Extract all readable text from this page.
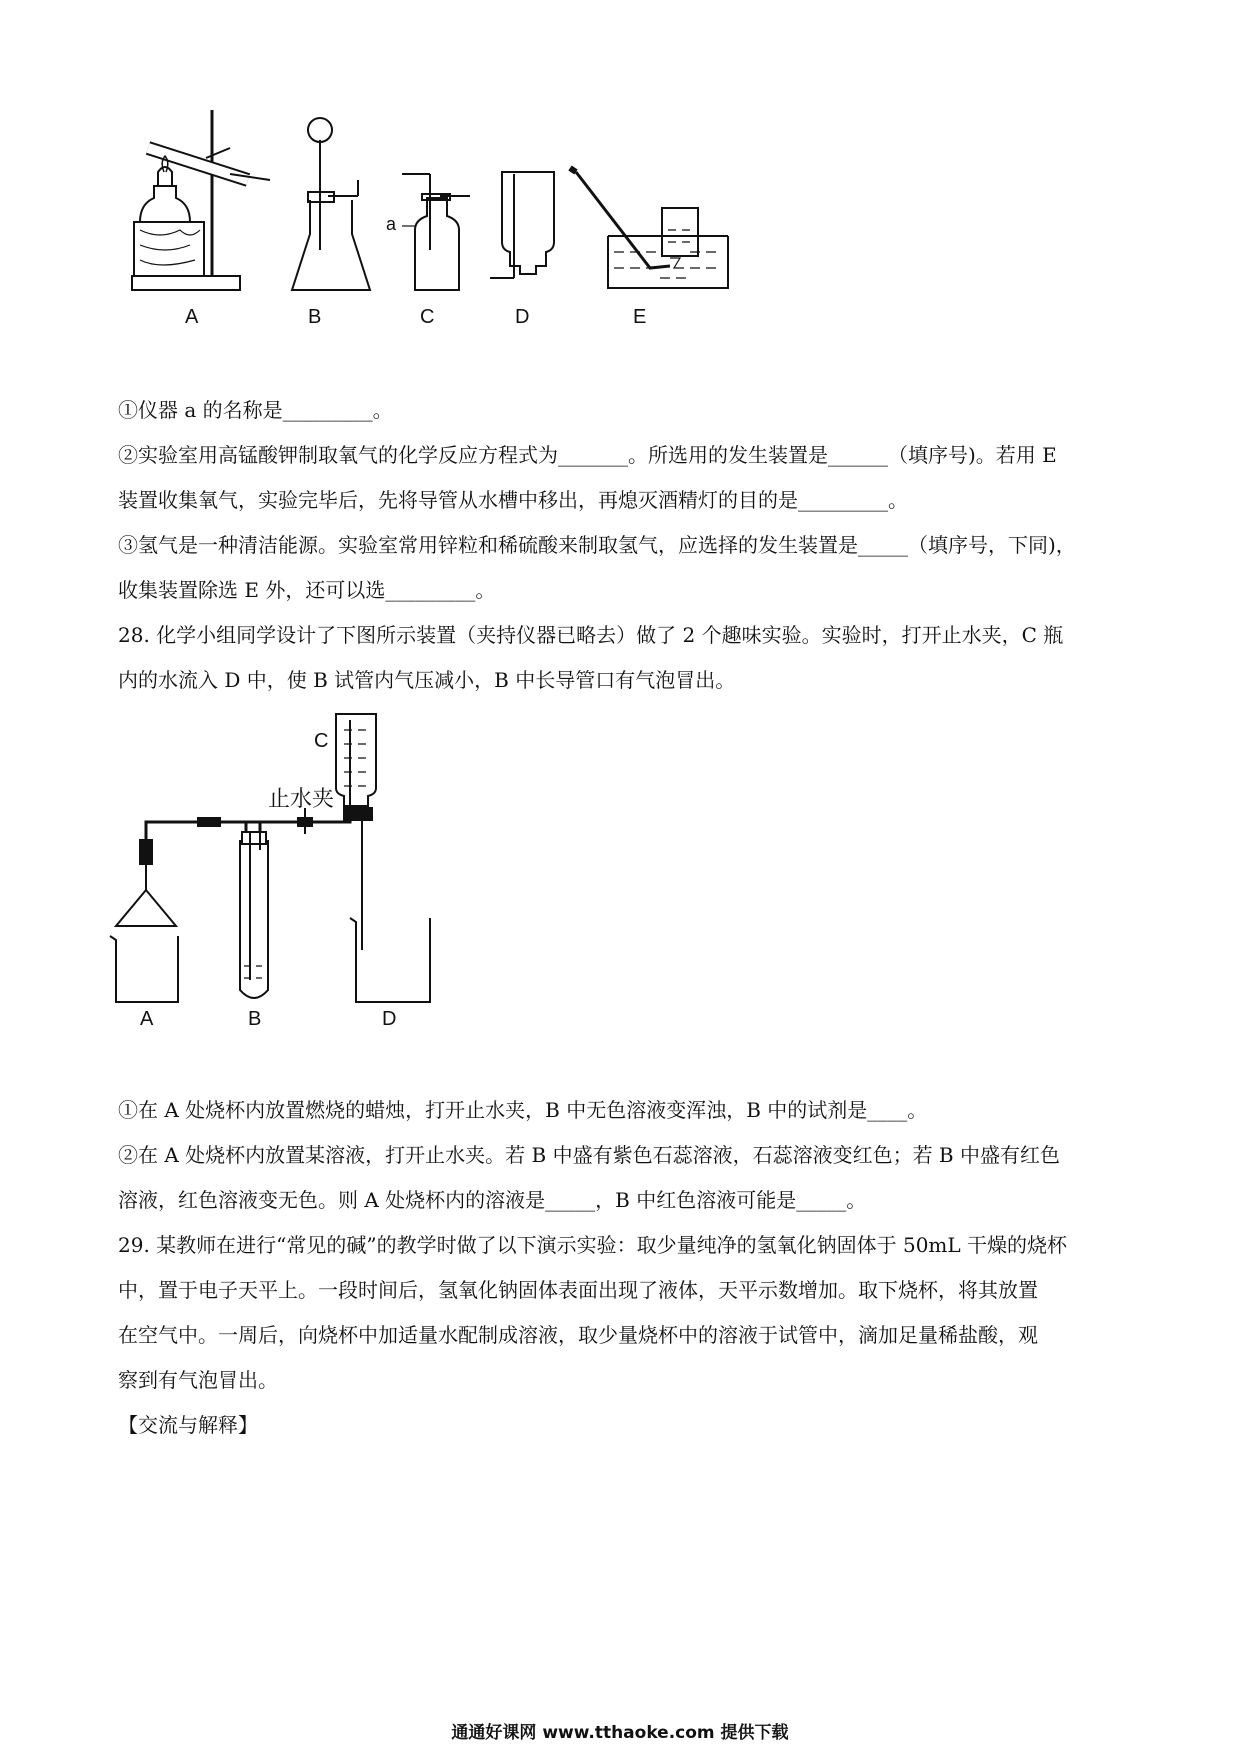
a
A	B	C	D	E
①仪器 a 的名称是_________。
②实验室用高锰酸钾制取氧气的化学反应方程式为_______。所选用的发生装置是______（填序号)。若用 E
装置收集氧气，实验完毕后，先将导管从水槽中移出，再熄灭酒精灯的目的是_________。
③氢气是一种清洁能源。实验室常用锌粒和稀硫酸来制取氢气，应选择的发生装置是_____（填序号，下同)，
收集装置除选 E 外，还可以选_________。
28. 化学小组同学设计了下图所示装置（夹持仪器已略去）做了 2 个趣味实验。实验时，打开止水夹，C 瓶
内的水流入 D 中，使 B 试管内气压减小，B 中长导管口有气泡冒出。
止水夹
C
A	B	D
①在 A 处烧杯内放置燃烧的蜡烛，打开止水夹，B 中无色溶液变浑浊，B 中的试剂是____。
②在 A 处烧杯内放置某溶液，打开止水夹。若 B 中盛有紫色石蕊溶液，石蕊溶液变红色；若 B 中盛有红色
溶液，红色溶液变无色。则 A 处烧杯内的溶液是_____，B 中红色溶液可能是_____。
29. 某教师在进行“常见的碱”的教学时做了以下演示实验：取少量纯净的氢氧化钠固体于 50mL 干燥的烧杯
中，置于电子天平上。一段时间后，氢氧化钠固体表面出现了液体，天平示数增加。取下烧杯，将其放置
在空气中。一周后，向烧杯中加适量水配制成溶液，取少量烧杯中的溶液于试管中，滴加足量稀盐酸，观
察到有气泡冒出。
【交流与解释】
通通好课网 www.tthaoke.com 提供下载
